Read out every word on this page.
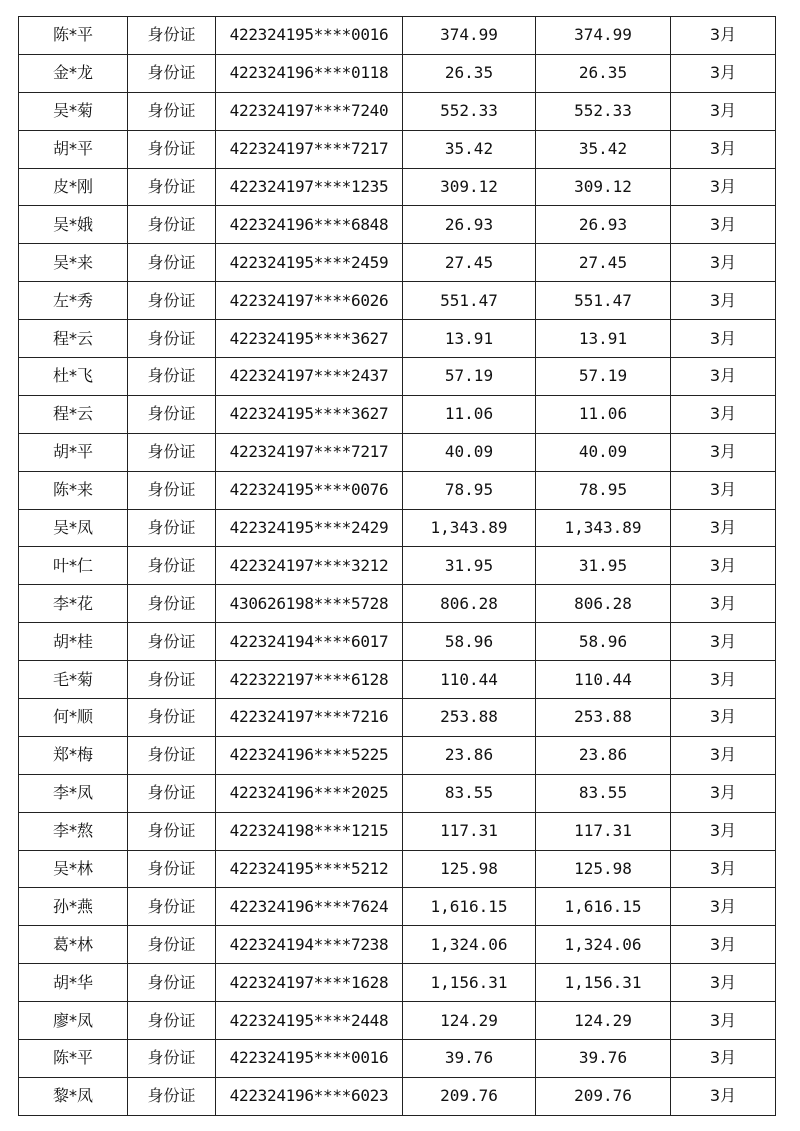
陈*平	身份证	422324195****0016	374.99	374.99	3月
金*龙	身份证	422324196****0118	26.35	26.35	3月
吴*菊	身份证	422324197****7240	552.33	552.33	3月
胡*平	身份证	422324197****7217	35.42	35.42	3月
皮*刚	身份证	422324197****1235	309.12	309.12	3月
吴*娥	身份证	422324196****6848	26.93	26.93	3月
吴*来	身份证	422324195****2459	27.45	27.45	3月
左*秀	身份证	422324197****6026	551.47	551.47	3月
程*云	身份证	422324195****3627	13.91	13.91	3月
杜*飞	身份证	422324197****2437	57.19	57.19	3月
程*云	身份证	422324195****3627	11.06	11.06	3月
胡*平	身份证	422324197****7217	40.09	40.09	3月
陈*来	身份证	422324195****0076	78.95	78.95	3月
吴*凤	身份证	422324195****2429	1,343.89	1,343.89	3月
叶*仁	身份证	422324197****3212	31.95	31.95	3月
李*花	身份证	430626198****5728	806.28	806.28	3月
胡*桂	身份证	422324194****6017	58.96	58.96	3月
毛*菊	身份证	422322197****6128	110.44	110.44	3月
何*顺	身份证	422324197****7216	253.88	253.88	3月
郑*梅	身份证	422324196****5225	23.86	23.86	3月
李*凤	身份证	422324196****2025	83.55	83.55	3月
李*熬	身份证	422324198****1215	117.31	117.31	3月
吴*林	身份证	422324195****5212	125.98	125.98	3月
孙*燕	身份证	422324196****7624	1,616.15	1,616.15	3月
葛*林	身份证	422324194****7238	1,324.06	1,324.06	3月
胡*华	身份证	422324197****1628	1,156.31	1,156.31	3月
廖*凤	身份证	422324195****2448	124.29	124.29	3月
陈*平	身份证	422324195****0016	39.76	39.76	3月
黎*凤	身份证	422324196****6023	209.76	209.76	3月
